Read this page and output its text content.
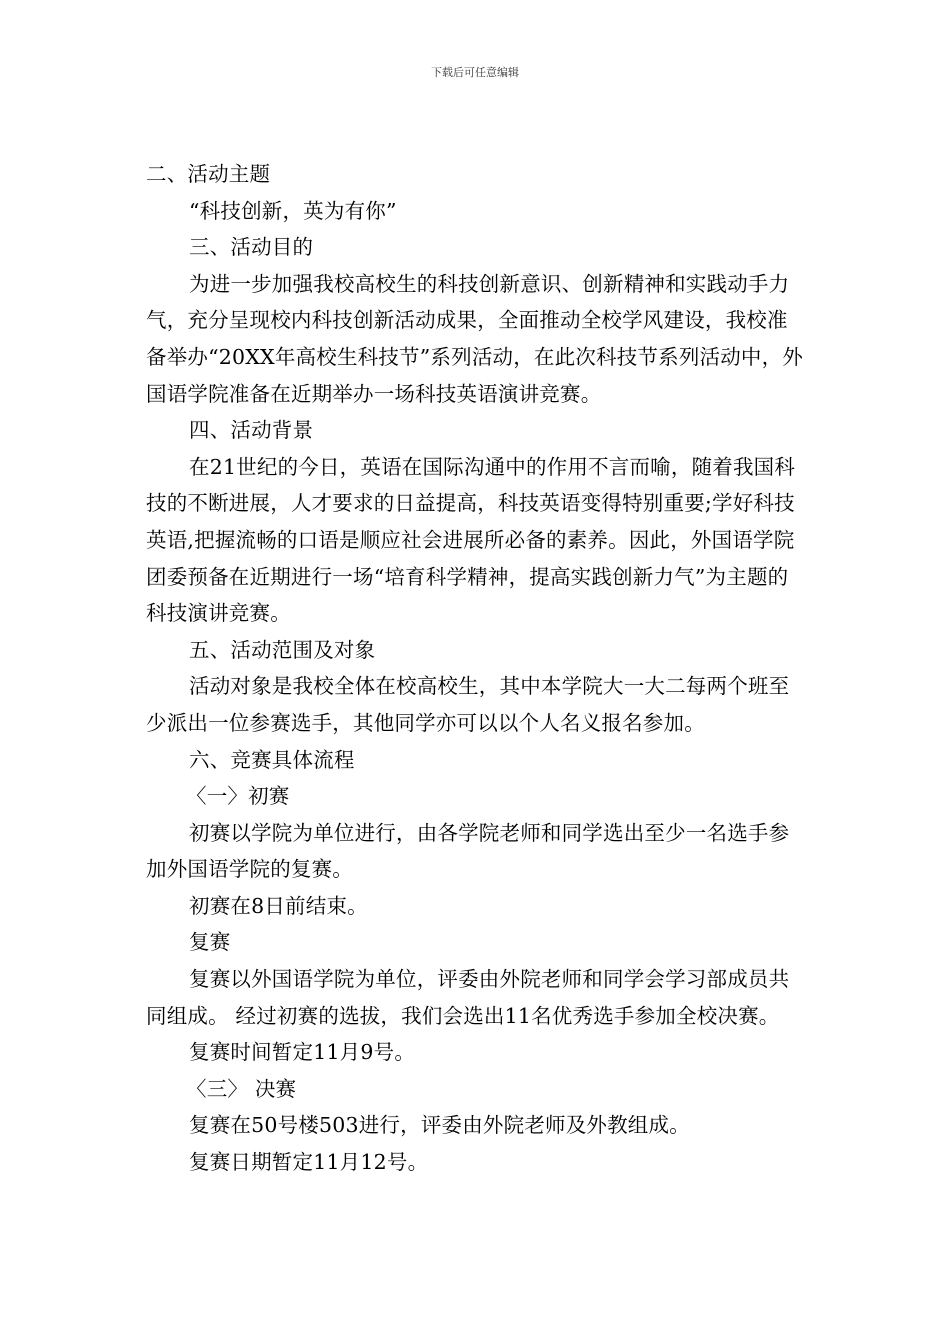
下载后可任意编辑

二、活动主题

“科技创新，英为有你”

三、活动目的

为进一步加强我校高校生的科技创新意识、创新精神和实践动手力气，充分呈现校内科技创新活动成果，全面推动全校学风建设，我校准备举办“20XX年高校生科技节”系列活动，在此次科技节系列活动中，外国语学院准备在近期举办一场科技英语演讲竞赛。

四、活动背景

在21世纪的今日，英语在国际沟通中的作用不言而喻，随着我国科技的不断进展，人才要求的日益提高，科技英语变得特别重要;学好科技英语,把握流畅的口语是顺应社会进展所必备的素养。因此，外国语学院团委预备在近期进行一场“培育科学精神，提高实践创新力气”为主题的科技演讲竞赛。

五、活动范围及对象

活动对象是我校全体在校高校生，其中本学院大一大二每两个班至少派出一位参赛选手，其他同学亦可以以个人名义报名参加。

六、竞赛具体流程

〈一〉初赛

初赛以学院为单位进行，由各学院老师和同学选出至少一名选手参加外国语学院的复赛。

初赛在8日前结束。

复赛

复赛以外国语学院为单位，评委由外院老师和同学会学习部成员共同组成。 经过初赛的选拔，我们会选出11名优秀选手参加全校决赛。

复赛时间暂定11月9号。

〈三〉 决赛

复赛在50号楼503进行，评委由外院老师及外教组成。

复赛日期暂定11月12号。
